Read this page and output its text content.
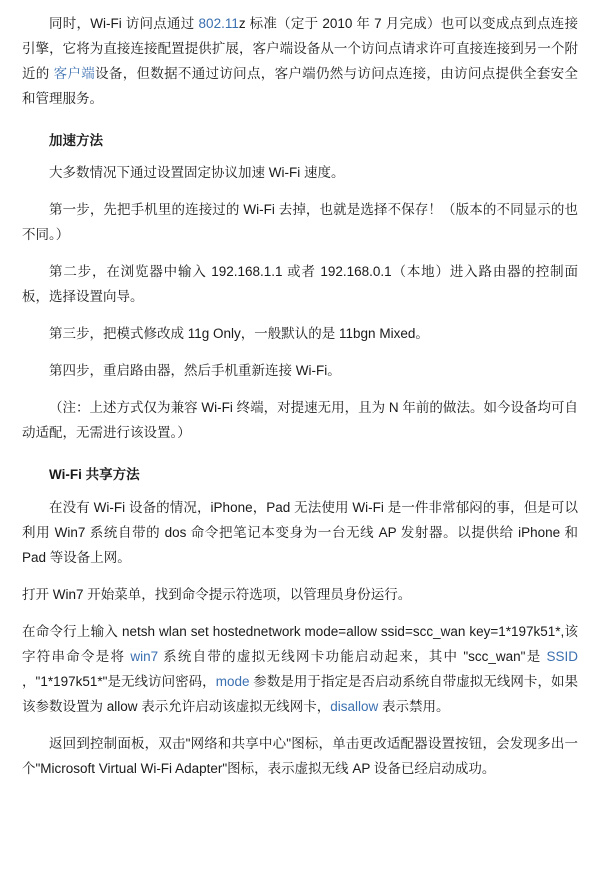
同时，Wi-Fi 访问点通过 802.11z 标准（定于 2010 年 7 月完成）也可以变成点到点连接引擎，它将为直接连接配置提供扩展，客户端设备从一个访问点请求许可直接连接到另一个附近的 客户端设备，但数据不通过访问点，客户端仍然与访问点连接，由访问点提供全套安全和管理服务。

加速方法

大多数情况下通过设置固定协议加速 Wi-Fi 速度。

第一步，先把手机里的连接过的 Wi-Fi 去掉，也就是选择不保存！（版本的不同显示的也不同。）

第二步，在浏览器中输入 192.168.1.1 或者 192.168.0.1（本地）进入路由器的控制面板，选择设置向导。

第三步，把模式修改成 11g Only，一般默认的是 11bgn Mixed。

第四步，重启路由器，然后手机重新连接 Wi-Fi。

（注：上述方式仅为兼容 Wi-Fi 终端，对提速无用，且为 N 年前的做法。如今设备均可自动适配，无需进行该设置。）

Wi-Fi 共享方法

在没有 Wi-Fi 设备的情况，iPhone，Pad 无法使用 Wi-Fi 是一件非常郁闷的事，但是可以利用 Win7 系统自带的 dos 命令把笔记本变身为一台无线 AP 发射器。以提供给 iPhone 和 Pad 等设备上网。

打开 Win7 开始菜单，找到命令提示符选项，以管理员身份运行。

在命令行上输入 netsh wlan set hostednetwork mode=allow ssid=scc_wan key=1*197k51*,该字符串命令是将 win7 系统自带的虚拟无线网卡功能启动起来，其中 "scc_wan"是 SSID ，"1*197k51*"是无线访问密码，mode 参数是用于指定是否启动系统自带虚拟无线网卡，如果该参数设置为 allow 表示允许启动该虚拟无线网卡，disallow 表示禁用。

返回到控制面板，双击"网络和共享中心"图标，单击更改适配器设置按钮，会发现多出一个"Microsoft Virtual Wi-Fi Adapter"图标，表示虚拟无线 AP 设备已经启动成功。
